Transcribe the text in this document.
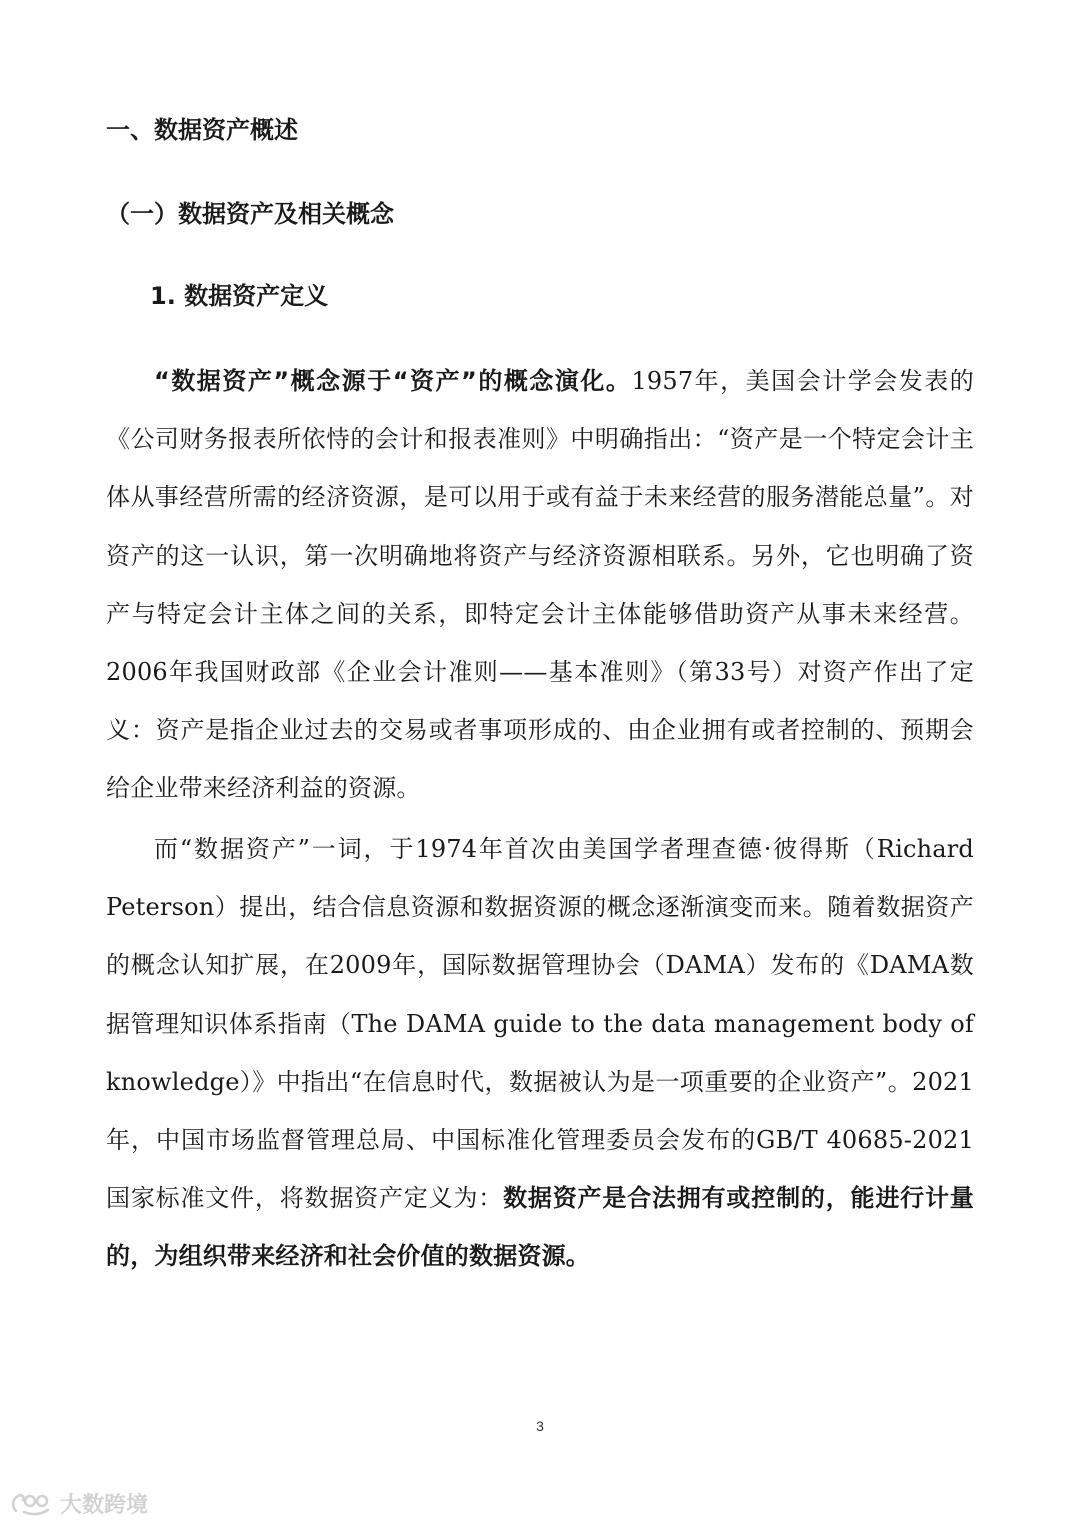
一、数据资产概述
（一）数据资产及相关概念
1. 数据资产定义

“数据资产”概念源于“资产”的概念演化。1957年，美国会计学会发表的《公司财务报表所依恃的会计和报表准则》中明确指出：“资产是一个特定会计主体从事经营所需的经济资源，是可以用于或有益于未来经营的服务潜能总量”。对资产的这一认识，第一次明确地将资产与经济资源相联系。另外，它也明确了资产与特定会计主体之间的关系，即特定会计主体能够借助资产从事未来经营。2006年我国财政部《企业会计准则——基本准则》（第33号）对资产作出了定义：资产是指企业过去的交易或者事项形成的、由企业拥有或者控制的、预期会给企业带来经济利益的资源。

而“数据资产”一词，于1974年首次由美国学者理查德·彼得斯（Richard Peterson）提出，结合信息资源和数据资源的概念逐渐演变而来。随着数据资产的概念认知扩展，在2009年，国际数据管理协会（DAMA）发布的《DAMA数据管理知识体系指南（The DAMA guide to the data management body of knowledge）》中指出“在信息时代，数据被认为是一项重要的企业资产”。2021年，中国市场监督管理总局、中国标准化管理委员会发布的GB/T 40685-2021国家标准文件，将数据资产定义为：数据资产是合法拥有或控制的，能进行计量的，为组织带来经济和社会价值的数据资源。

3
大数跨境
